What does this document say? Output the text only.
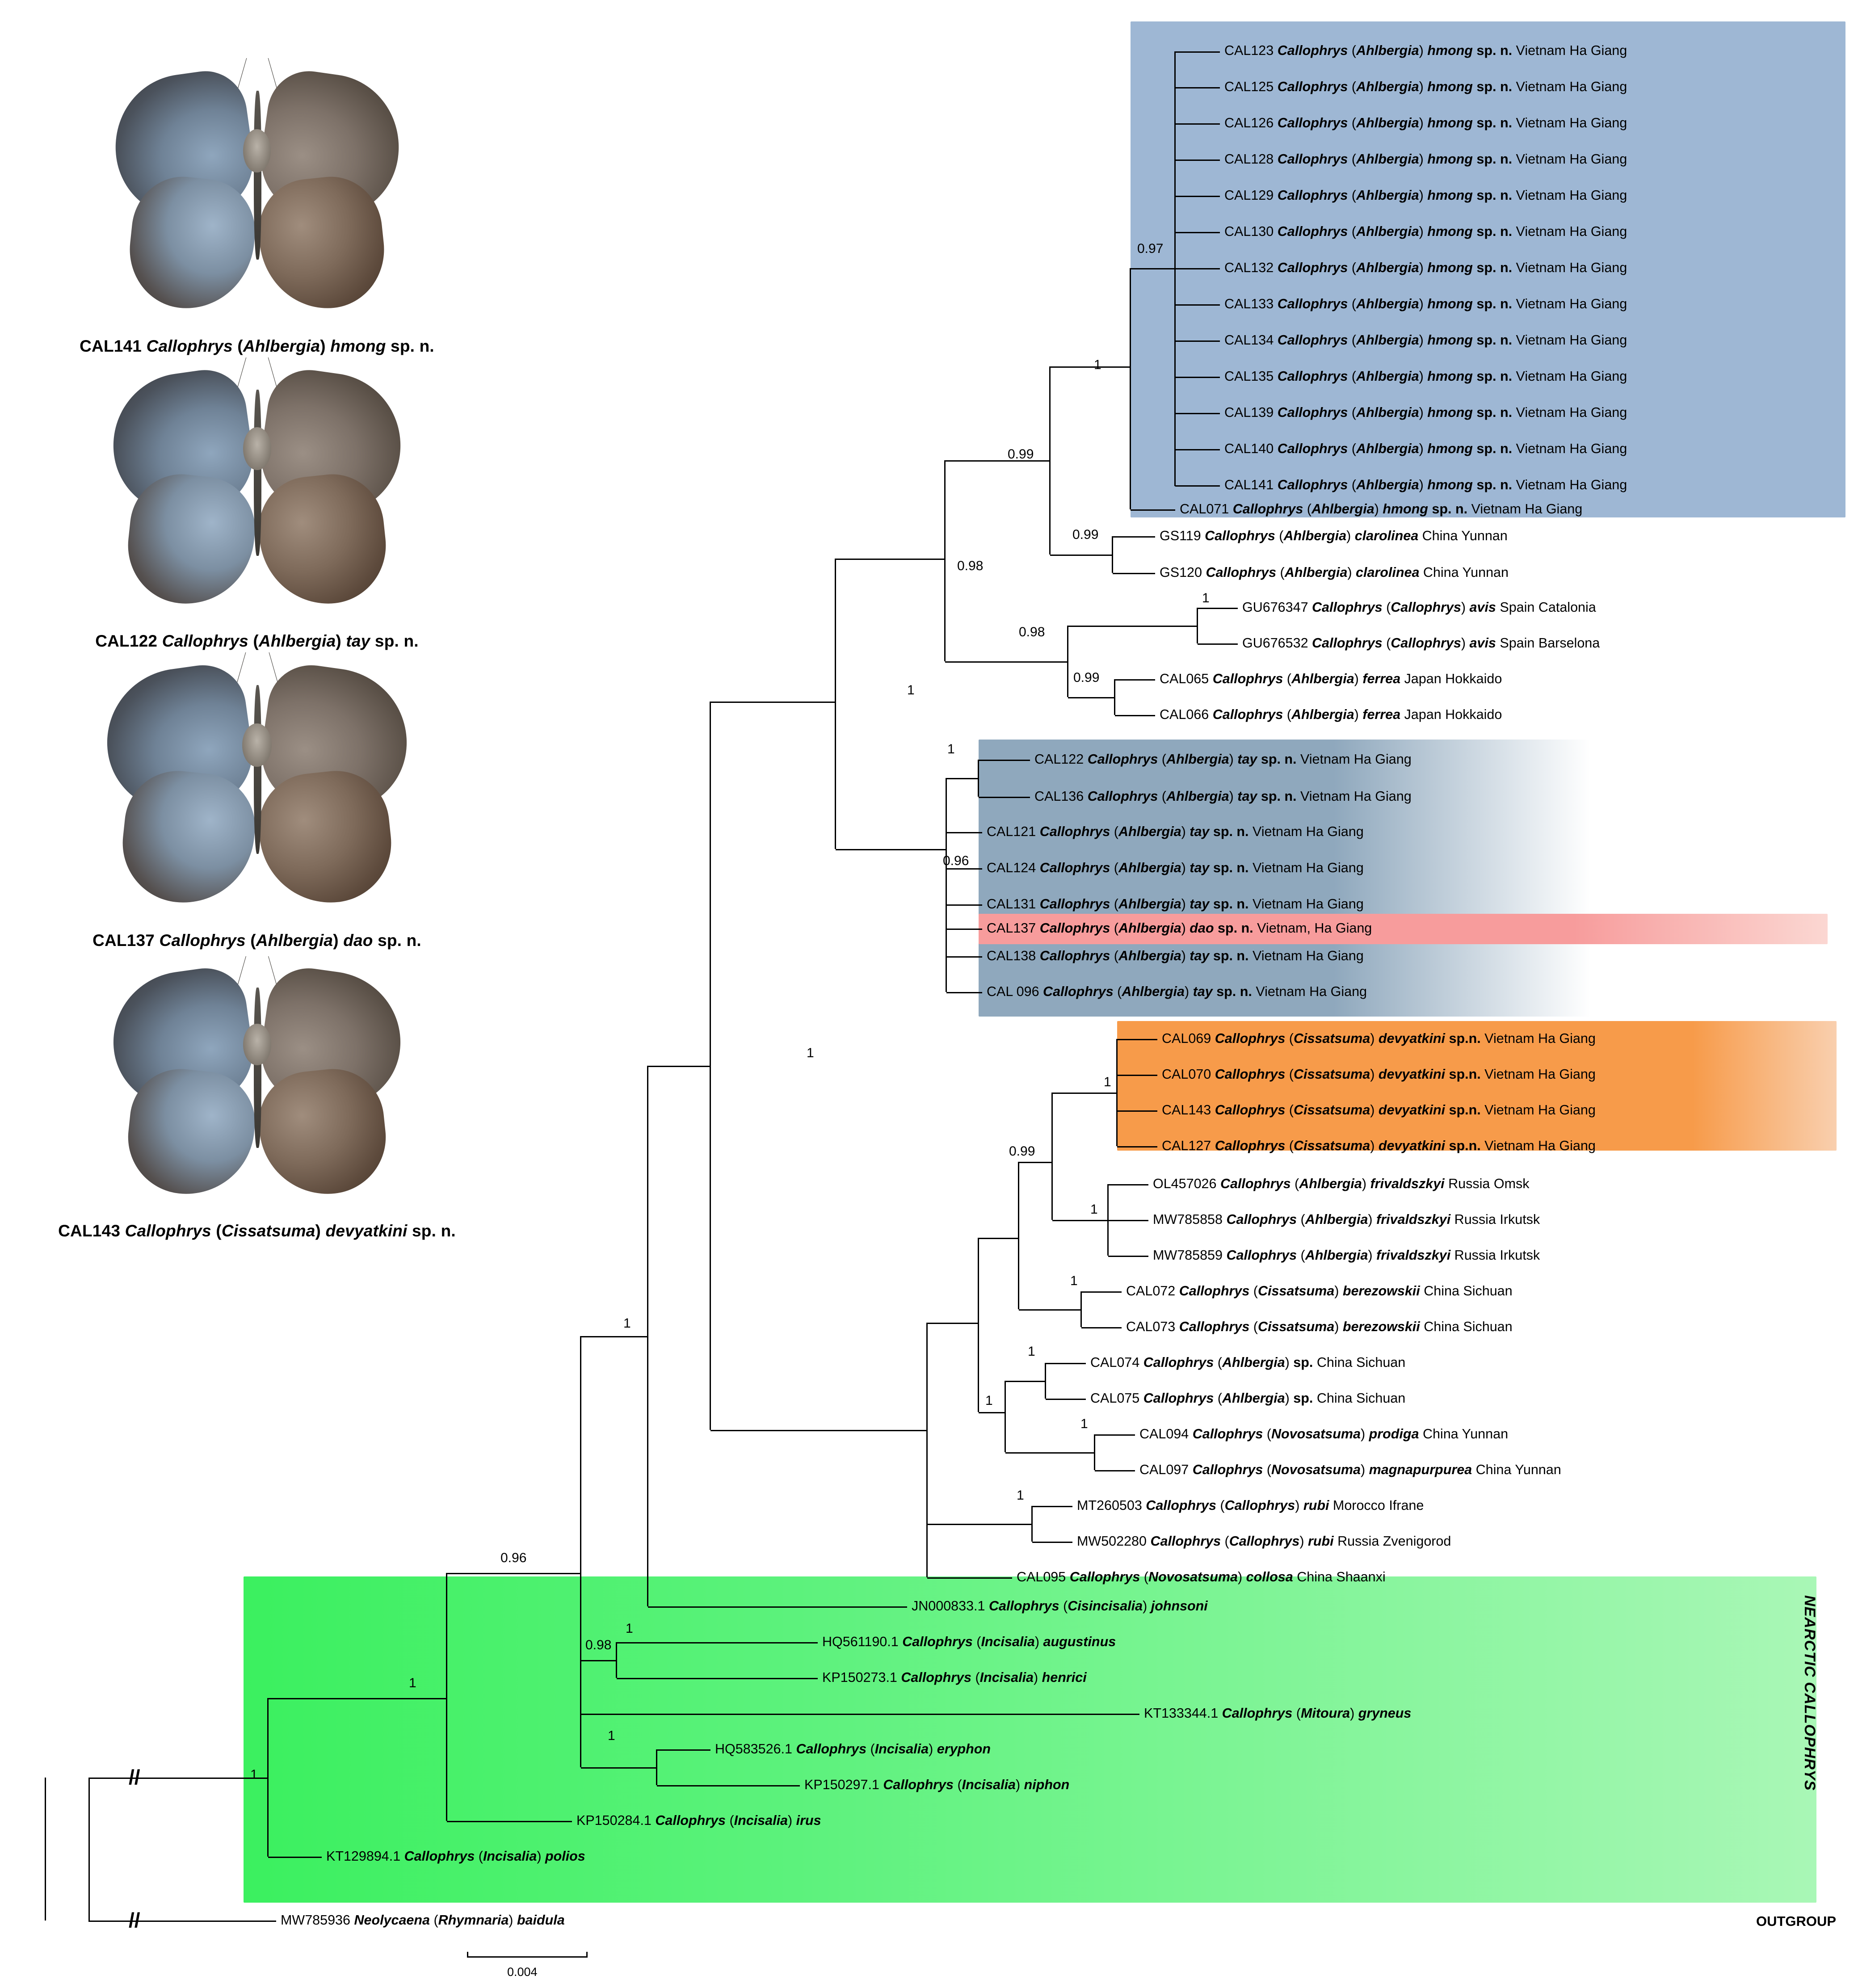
CAL141 Callophrys (Ahlbergia) hmong sp. n.
CAL122 Callophrys (Ahlbergia) tay sp. n.
CAL137 Callophrys (Ahlbergia) dao sp. n.
CAL143 Callophrys (Cissatsuma) devyatkini sp. n.
//
//
0.97
1
0.99
0.99
0.98
1
0.98
0.99
1
1
0.96
1
0.99
1
1
1
1
1
1
1
0.96
1
1
0.98
1
1
1
CAL123 Callophrys (Ahlbergia) hmong sp. n. Vietnam Ha Giang
CAL125 Callophrys (Ahlbergia) hmong sp. n. Vietnam Ha Giang
CAL126 Callophrys (Ahlbergia) hmong sp. n. Vietnam Ha Giang
CAL128 Callophrys (Ahlbergia) hmong sp. n. Vietnam Ha Giang
CAL129 Callophrys (Ahlbergia) hmong sp. n. Vietnam Ha Giang
CAL130 Callophrys (Ahlbergia) hmong sp. n. Vietnam Ha Giang
CAL132 Callophrys (Ahlbergia) hmong sp. n. Vietnam Ha Giang
CAL133 Callophrys (Ahlbergia) hmong sp. n. Vietnam Ha Giang
CAL134 Callophrys (Ahlbergia) hmong sp. n. Vietnam Ha Giang
CAL135 Callophrys (Ahlbergia) hmong sp. n. Vietnam Ha Giang
CAL139 Callophrys (Ahlbergia) hmong sp. n. Vietnam Ha Giang
CAL140 Callophrys (Ahlbergia) hmong sp. n. Vietnam Ha Giang
CAL141 Callophrys (Ahlbergia) hmong sp. n. Vietnam Ha Giang
CAL071 Callophrys (Ahlbergia) hmong sp. n. Vietnam Ha Giang
GS119 Callophrys (Ahlbergia) clarolinea China Yunnan
GS120 Callophrys (Ahlbergia) clarolinea China Yunnan
GU676347 Callophrys (Callophrys) avis Spain Catalonia
GU676532 Callophrys (Callophrys) avis Spain Barselona
CAL065 Callophrys (Ahlbergia) ferrea Japan Hokkaido
CAL066 Callophrys (Ahlbergia) ferrea Japan Hokkaido
CAL122 Callophrys (Ahlbergia) tay sp. n. Vietnam Ha Giang
CAL136 Callophrys (Ahlbergia) tay sp. n. Vietnam Ha Giang
CAL121 Callophrys (Ahlbergia) tay sp. n. Vietnam Ha Giang
CAL124 Callophrys (Ahlbergia) tay sp. n. Vietnam Ha Giang
CAL131 Callophrys (Ahlbergia) tay sp. n. Vietnam Ha Giang
CAL137 Callophrys (Ahlbergia) dao sp. n. Vietnam, Ha Giang
CAL138 Callophrys (Ahlbergia) tay sp. n. Vietnam Ha Giang
CAL 096 Callophrys (Ahlbergia) tay sp. n. Vietnam Ha Giang
CAL069 Callophrys (Cissatsuma) devyatkini sp.n. Vietnam Ha Giang
CAL070 Callophrys (Cissatsuma) devyatkini sp.n. Vietnam Ha Giang
CAL143 Callophrys (Cissatsuma) devyatkini sp.n. Vietnam Ha Giang
CAL127 Callophrys (Cissatsuma) devyatkini sp.n. Vietnam Ha Giang
OL457026 Callophrys (Ahlbergia) frivaldszkyi Russia Omsk
MW785858 Callophrys (Ahlbergia) frivaldszkyi Russia Irkutsk
MW785859 Callophrys (Ahlbergia) frivaldszkyi Russia Irkutsk
CAL072 Callophrys (Cissatsuma) berezowskii China Sichuan
CAL073 Callophrys (Cissatsuma) berezowskii China Sichuan
CAL074 Callophrys (Ahlbergia) sp. China Sichuan
CAL075 Callophrys (Ahlbergia) sp. China Sichuan
CAL094 Callophrys (Novosatsuma) prodiga China Yunnan
CAL097 Callophrys (Novosatsuma) magnapurpurea China Yunnan
MT260503 Callophrys (Callophrys) rubi Morocco Ifrane
MW502280 Callophrys (Callophrys) rubi Russia Zvenigorod
CAL095 Callophrys (Novosatsuma) collosa China Shaanxi
JN000833.1 Callophrys (Cisincisalia) johnsoni
HQ561190.1 Callophrys (Incisalia) augustinus
KP150273.1 Callophrys (Incisalia) henrici
KT133344.1 Callophrys (Mitoura) gryneus
HQ583526.1 Callophrys (Incisalia) eryphon
KP150297.1 Callophrys (Incisalia) niphon
KP150284.1 Callophrys (Incisalia) irus
KT129894.1 Callophrys (Incisalia) polios
MW785936 Neolycaena (Rhymnaria) baidula
NEARCTIC CALLOPHRYS
OUTGROUP
0.004
